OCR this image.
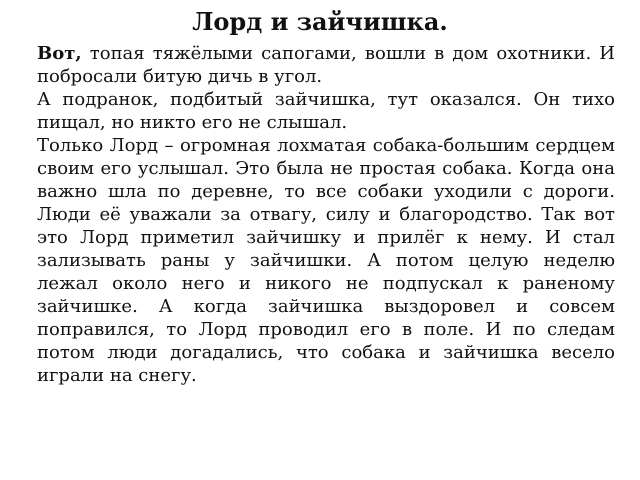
Лорд и зайчишка.

Вот, топая тяжёлыми сапогами, вошли в дом охотники. И побросали битую дичь в угол.

А подранок, подбитый зайчишка, тут оказался. Он тихо пищал, но никто его не слышал.

Только Лорд – огромная лохматая собака-большим сердцем своим его услышал. Это была не простая собака. Когда она важно шла по деревне, то все собаки уходили с дороги. Люди её уважали за отвагу, силу и благородство. Так вот это Лорд приметил зайчишку и прилёг к нему. И стал зализывать раны у зайчишки. А потом целую неделю лежал около него и никого не подпускал к раненому зайчишке. А когда зайчишка выздоровел и совсем поправился, то Лорд проводил его в поле. И по следам потом люди догадались, что собака и зайчишка весело играли на снегу.
